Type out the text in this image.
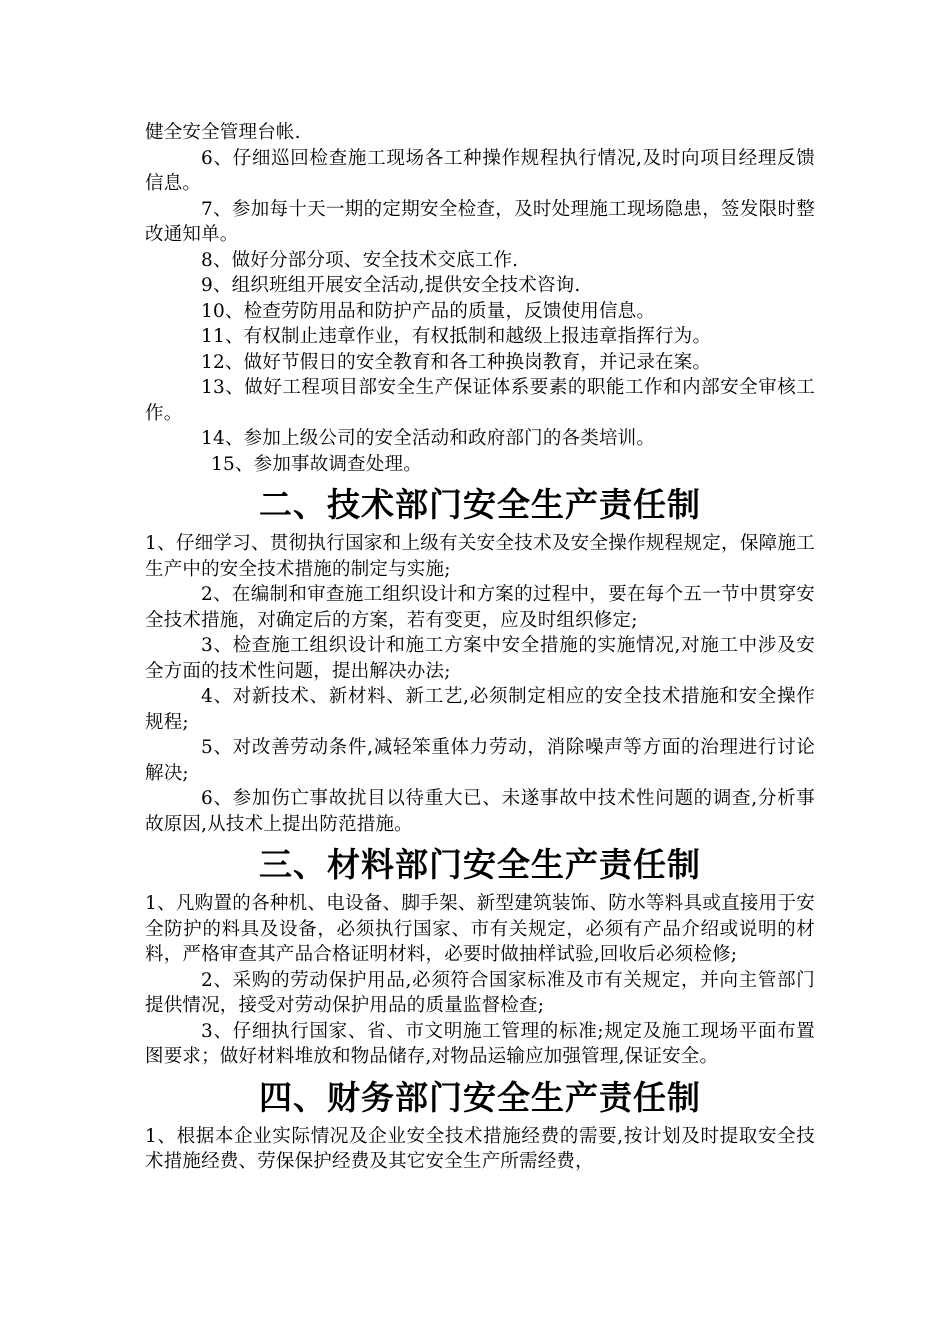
健全安全管理台帐.

6、仔细巡回检查施工现场各工种操作规程执行情况,及时向项目经理反馈信息。

7、参加每十天一期的定期安全检查，及时处理施工现场隐患，签发限时整改通知单。

8、做好分部分项、安全技术交底工作.

9、组织班组开展安全活动,提供安全技术咨询.

10、检查劳防用品和防护产品的质量，反馈使用信息。

11、有权制止违章作业，有权抵制和越级上报违章指挥行为。

12、做好节假日的安全教育和各工种换岗教育，并记录在案。

13、做好工程项目部安全生产保证体系要素的职能工作和内部安全审核工作。

14、参加上级公司的安全活动和政府部门的各类培训。

15、参加事故调查处理。

二、技术部门安全生产责任制

1、仔细学习、贯彻执行国家和上级有关安全技术及安全操作规程规定，保障施工生产中的安全技术措施的制定与实施;

2、在编制和审查施工组织设计和方案的过程中，要在每个五一节中贯穿安全技术措施，对确定后的方案，若有变更，应及时组织修定;

3、检查施工组织设计和施工方案中安全措施的实施情况,对施工中涉及安全方面的技术性问题，提出解决办法;

4、对新技术、新材料、新工艺,必须制定相应的安全技术措施和安全操作规程;

5、对改善劳动条件,减轻笨重体力劳动，消除噪声等方面的治理进行讨论解决;

6、参加伤亡事故扰目以待重大已、未遂事故中技术性问题的调查,分析事故原因,从技术上提出防范措施。

三、材料部门安全生产责任制

1、凡购置的各种机、电设备、脚手架、新型建筑装饰、防水等料具或直接用于安全防护的料具及设备，必须执行国家、市有关规定，必须有产品介绍或说明的材料，严格审查其产品合格证明材料，必要时做抽样试验,回收后必须检修;

2、采购的劳动保护用品,必须符合国家标准及市有关规定，并向主管部门提供情况，接受对劳动保护用品的质量监督检查;

3、仔细执行国家、省、市文明施工管理的标准;规定及施工现场平面布置图要求；做好材料堆放和物品储存,对物品运输应加强管理,保证安全。

四、财务部门安全生产责任制

1、根据本企业实际情况及企业安全技术措施经费的需要,按计划及时提取安全技术措施经费、劳保保护经费及其它安全生产所需经费，
